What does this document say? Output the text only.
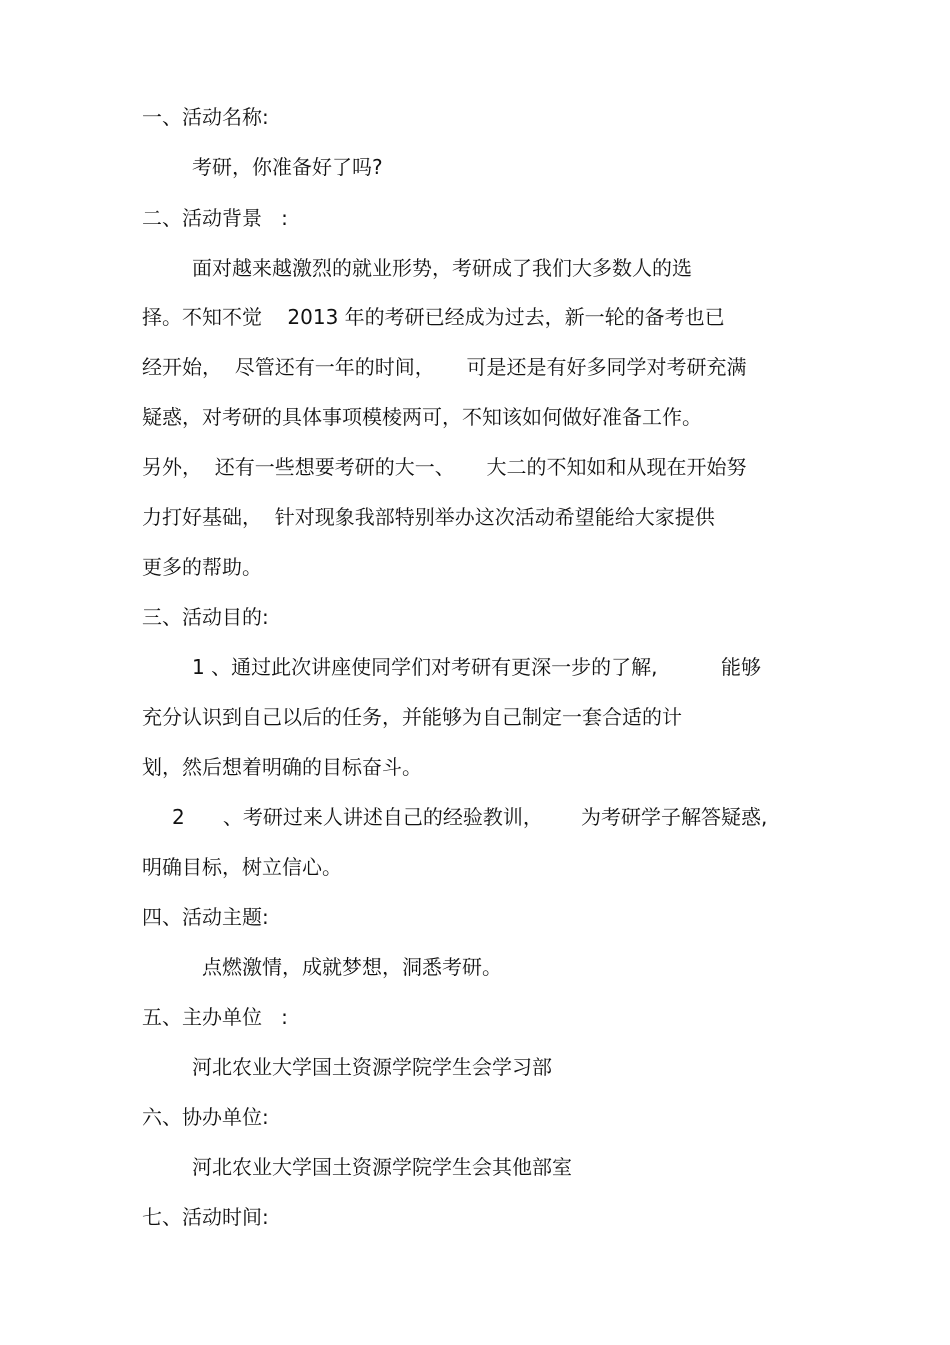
一、活动名称:
考研，你准备好了吗?
二、活动背景   :
面对越来越激烈的就业形势，考研成了我们大多数人的选
择。不知不觉    2013 年的考研已经成为过去，新一轮的备考也已
经开始，  尽管还有一年的时间，     可是还是有好多同学对考研充满
疑惑，对考研的具体事项模棱两可，不知该如何做好准备工作。
另外，  还有一些想要考研的大一、     大二的不知如和从现在开始努
力打好基础，  针对现象我部特别举办这次活动希望能给大家提供
更多的帮助。
三、活动目的:
1 、通过此次讲座使同学们对考研有更深一步的了解,          能够
充分认识到自己以后的任务，并能够为自己制定一套合适的计
划，然后想着明确的目标奋斗。
2      、考研过来人讲述自己的经验教训，      为考研学子解答疑惑,
明确目标，树立信心。
四、活动主题:
点燃激情，成就梦想，洞悉考研。
五、主办单位   :
河北农业大学国土资源学院学生会学习部
六、协办单位:
河北农业大学国土资源学院学生会其他部室
七、活动时间:
